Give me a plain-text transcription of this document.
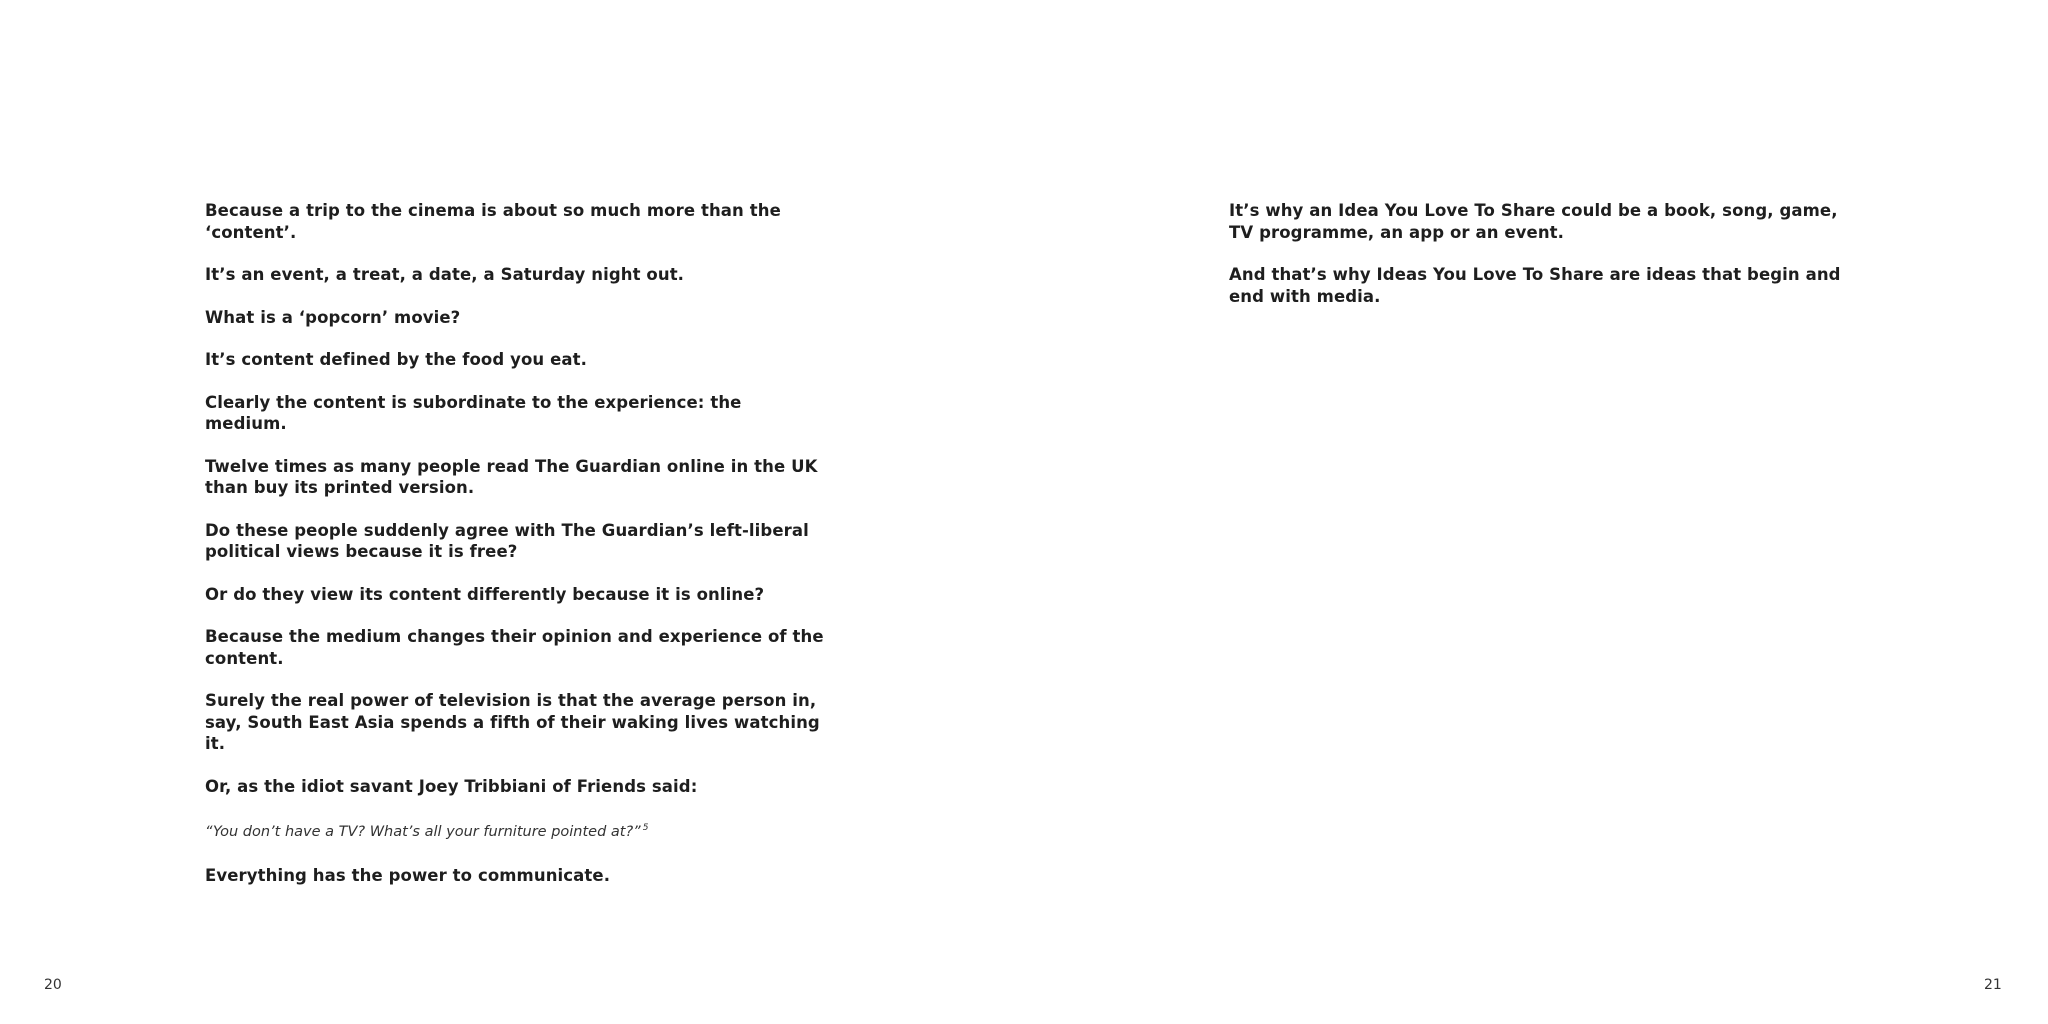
Because a trip to the cinema is about so much more than the ‘content’.

It’s an event, a treat, a date, a Saturday night out.

What is a ‘popcorn’ movie?

It’s content defined by the food you eat.

Clearly the content is subordinate to the experience: the medium.

Twelve times as many people read The Guardian online in the UK than buy its printed version.

Do these people suddenly agree with The Guardian’s left-liberal political views because it is free?

Or do they view its content differently because it is online?

Because the medium changes their opinion and experience of the content.

Surely the real power of television is that the average person in, say, South East Asia spends a fifth of their waking lives watching it.

Or, as the idiot savant Joey Tribbiani of Friends said:

“You don’t have a TV? What’s all your furniture pointed at?” $^5$

Everything has the power to communicate.

20

It’s why an Idea You Love To Share could be a book, song, game, TV programme, an app or an event.

And that’s why Ideas You Love To Share are ideas that begin and end with media.

21
